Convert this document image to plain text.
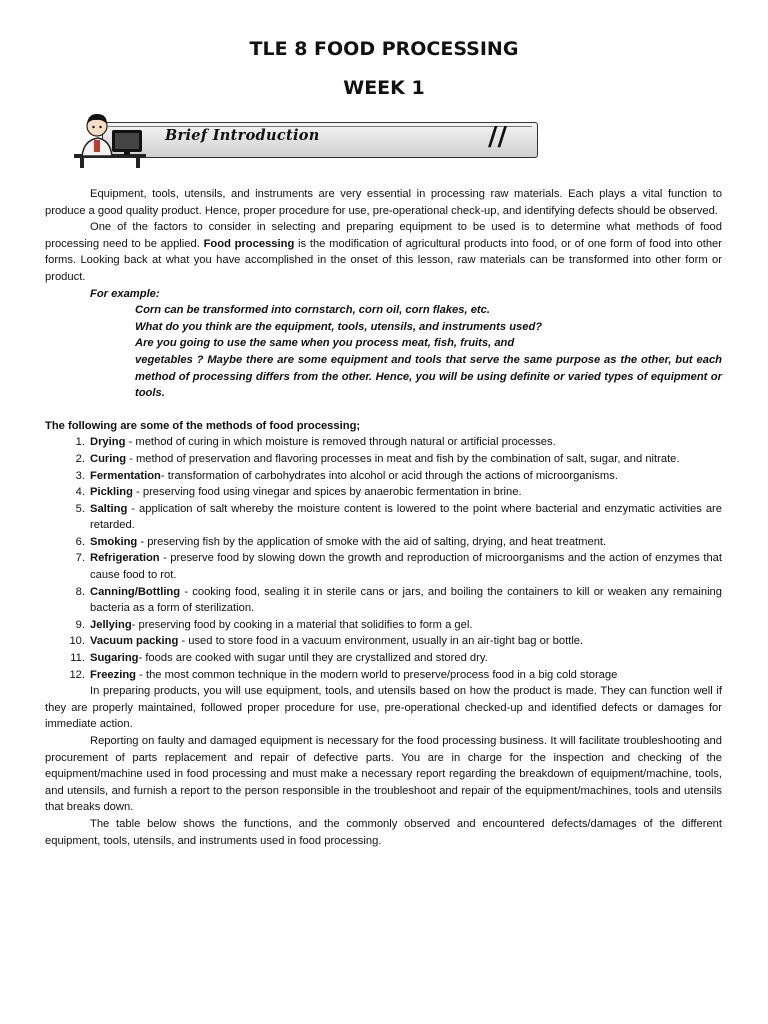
TLE 8 FOOD PROCESSING
WEEK 1
Brief Introduction	//

Equipment, tools, utensils, and instruments are very essential in processing raw materials. Each plays a vital function to produce a good quality product. Hence, proper procedure for use, pre-operational check-up, and identifying defects should be observed.

One of the factors to consider in selecting and preparing equipment to be used is to determine what methods of food processing need to be applied. Food processing is the modification of agricultural products into food, or of one form of food into other forms. Looking back at what you have accomplished in the onset of this lesson, raw materials can be transformed into other form or product.

For example:

Corn can be transformed into cornstarch, corn oil, corn flakes, etc.

What do you think are the equipment, tools, utensils, and instruments used?

Are you going to use the same when you process meat, fish, fruits, and

vegetables ? Maybe there are some equipment and tools that serve the same purpose as the other, but each method of processing differs from the other. Hence, you will be using definite or varied types of equipment or tools.

The following are some of the methods of food processing;

1. Drying - method of curing in which moisture is removed through natural or artificial processes.
2. Curing - method of preservation and flavoring processes in meat and fish by the combination of salt, sugar, and nitrate.
3. Fermentation- transformation of carbohydrates into alcohol or acid through the actions of microorganisms.
4. Pickling - preserving food using vinegar and spices by anaerobic fermentation in brine.
5. Salting - application of salt whereby the moisture content is lowered to the point where bacterial and enzymatic activities are retarded.
6. Smoking - preserving fish by the application of smoke with the aid of salting, drying, and heat treatment.
7. Refrigeration - preserve food by slowing down the growth and reproduction of microorganisms and the action of enzymes that cause food to rot.
8. Canning/Bottling - cooking food, sealing it in sterile cans or jars, and boiling the containers to kill or weaken any remaining bacteria as a form of sterilization.
9. Jellying- preserving food by cooking in a material that solidifies to form a gel.
10. Vacuum packing - used to store food in a vacuum environment, usually in an air-tight bag or bottle.
11. Sugaring- foods are cooked with sugar until they are crystallized and stored dry.
12. Freezing - the most common technique in the modern world to preserve/process food in a big cold storage

In preparing products, you will use equipment, tools, and utensils based on how the product is made. They can function well if they are properly maintained, followed proper procedure for use, pre-operational checked-up and identified defects or damages for immediate action.

Reporting on faulty and damaged equipment is necessary for the food processing business. It will facilitate troubleshooting and procurement of parts replacement and repair of defective parts. You are in charge for the inspection and checking of the equipment/machine used in food processing and must make a necessary report regarding the breakdown of equipment/machine, tools, and utensils, and furnish a report to the person responsible in the troubleshoot and repair of the equipment/machines, tools and utensils that breaks down.

The table below shows the functions, and the commonly observed and encountered defects/damages of the different equipment, tools, utensils, and instruments used in food processing.
